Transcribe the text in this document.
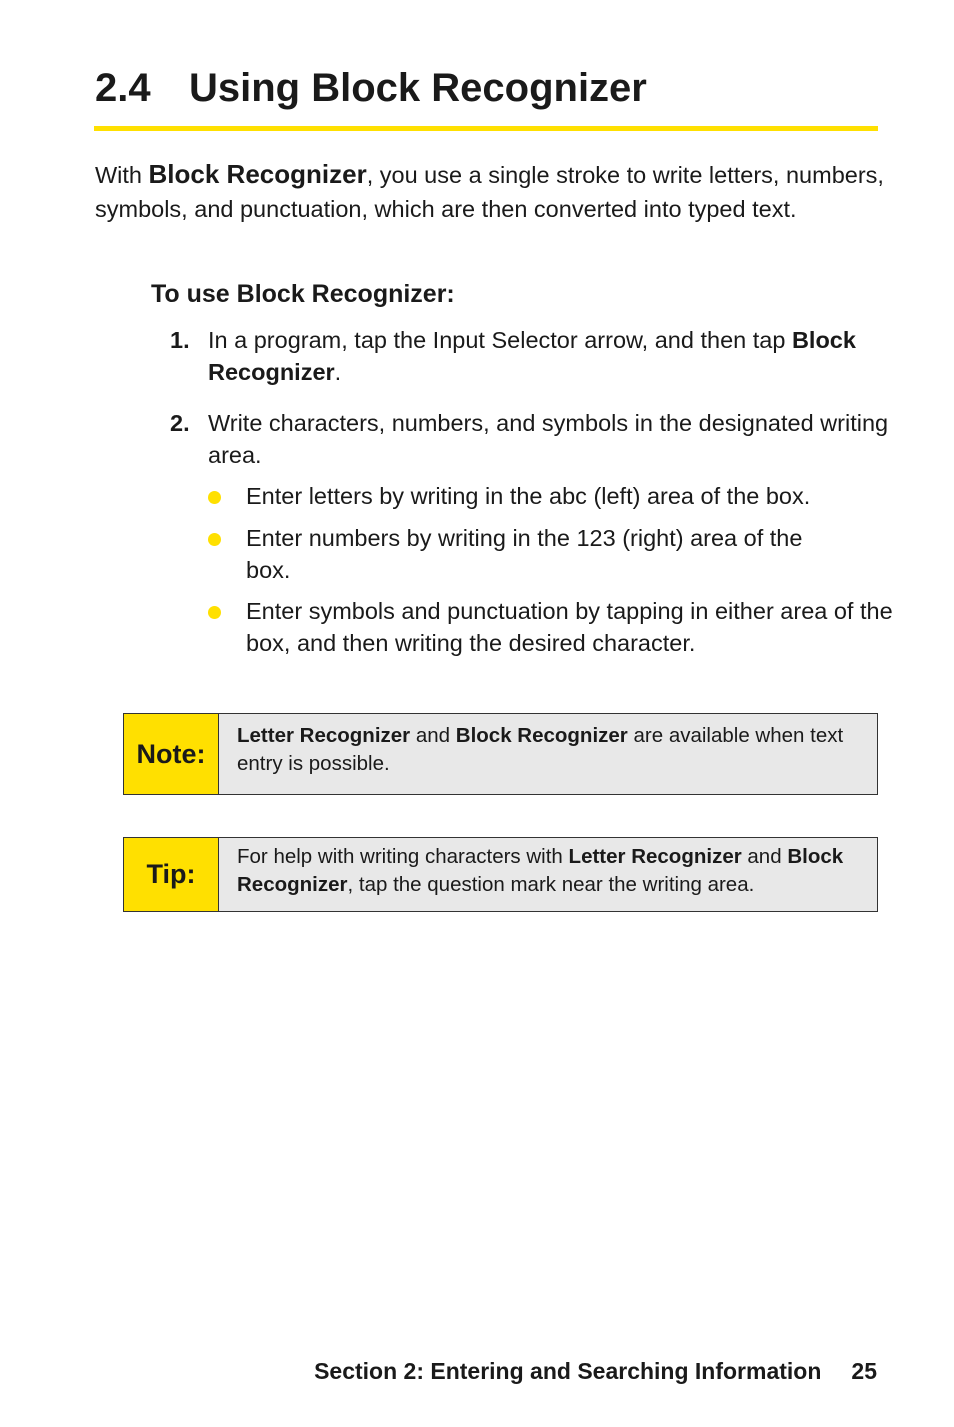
2.4 Using Block Recognizer

With Block Recognizer, you use a single stroke to write letters, numbers, symbols, and punctuation, which are then converted into typed text.

To use Block Recognizer:
1. In a program, tap the Input Selector arrow, and then tap Block Recognizer.
2. Write characters, numbers, and symbols in the designated writing area.
Enter letters by writing in the abc (left) area of the box.
Enter numbers by writing in the 123 (right) area of the box.
Enter symbols and punctuation by tapping in either area of the box, and then writing the desired character.
Note:
Letter Recognizer and Block Recognizer are available when text entry is possible.
Tip:
For help with writing characters with Letter Recognizer and Block Recognizer, tap the question mark near the writing area.
Section 2: Entering and Searching Information 25
